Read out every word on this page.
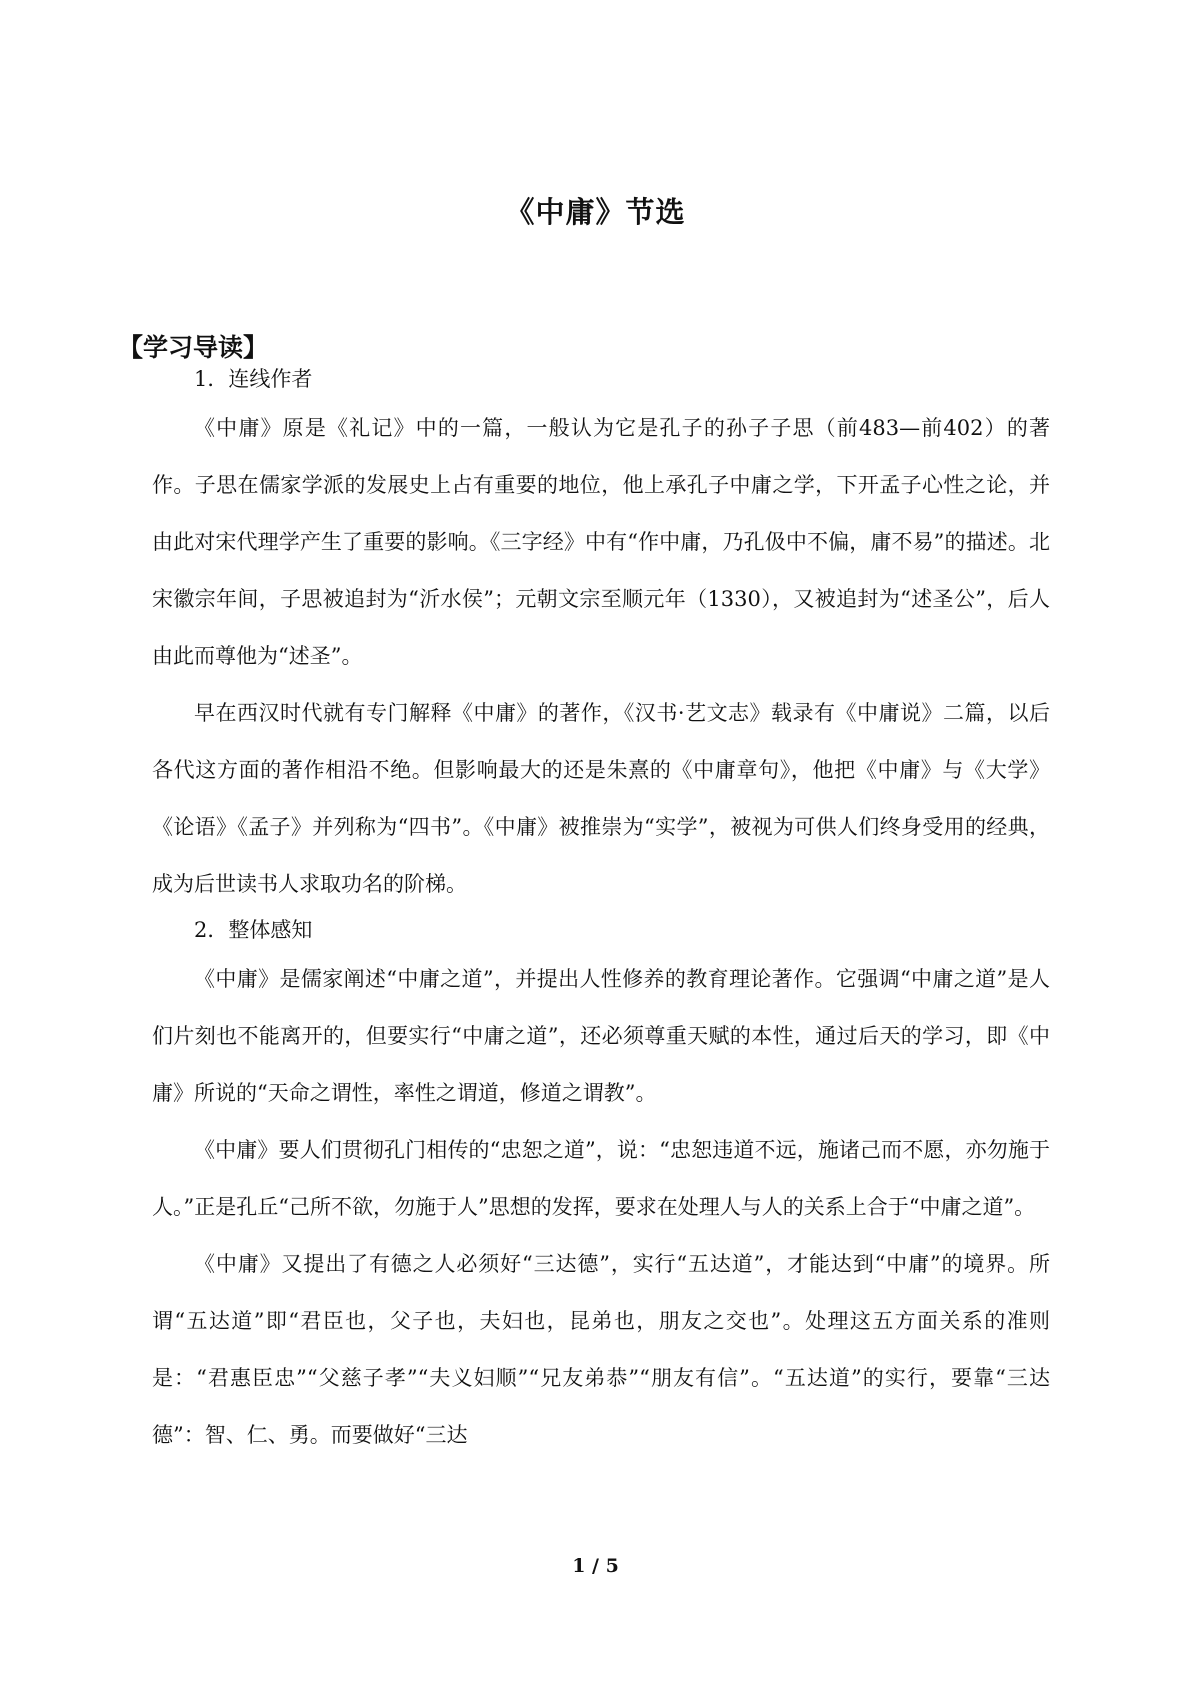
《中庸》节选
【学习导读】

1．连线作者

《中庸》原是《礼记》中的一篇，一般认为它是孔子的孙子子思（前483—前402）的著作。子思在儒家学派的发展史上占有重要的地位，他上承孔子中庸之学，下开孟子心性之论，并由此对宋代理学产生了重要的影响。《三字经》中有“作中庸，乃孔伋中不偏，庸不易”的描述。北宋徽宗年间，子思被追封为“沂水侯”；元朝文宗至顺元年（1330），又被追封为“述圣公”，后人由此而尊他为“述圣”。

早在西汉时代就有专门解释《中庸》的著作，《汉书·艺文志》载录有《中庸说》二篇，以后各代这方面的著作相沿不绝。但影响最大的还是朱熹的《中庸章句》，他把《中庸》与《大学》《论语》《孟子》并列称为“四书”。《中庸》被推崇为“实学”，被视为可供人们终身受用的经典，成为后世读书人求取功名的阶梯。

2．整体感知

《中庸》是儒家阐述“中庸之道”，并提出人性修养的教育理论著作。它强调“中庸之道”是人们片刻也不能离开的，但要实行“中庸之道”，还必须尊重天赋的本性，通过后天的学习，即《中庸》所说的“天命之谓性，率性之谓道，修道之谓教”。

《中庸》要人们贯彻孔门相传的“忠恕之道”，说：“忠恕违道不远，施诸己而不愿，亦勿施于人。”正是孔丘“己所不欲，勿施于人”思想的发挥，要求在处理人与人的关系上合于“中庸之道”。

《中庸》又提出了有德之人必须好“三达德”，实行“五达道”，才能达到“中庸”的境界。所谓“五达道”即“君臣也，父子也，夫妇也，昆弟也，朋友之交也”。处理这五方面关系的准则是：“君惠臣忠”“父慈子孝”“夫义妇顺”“兄友弟恭”“朋友有信”。“五达道”的实行，要靠“三达德”：智、仁、勇。而要做好“三达

1 / 5
